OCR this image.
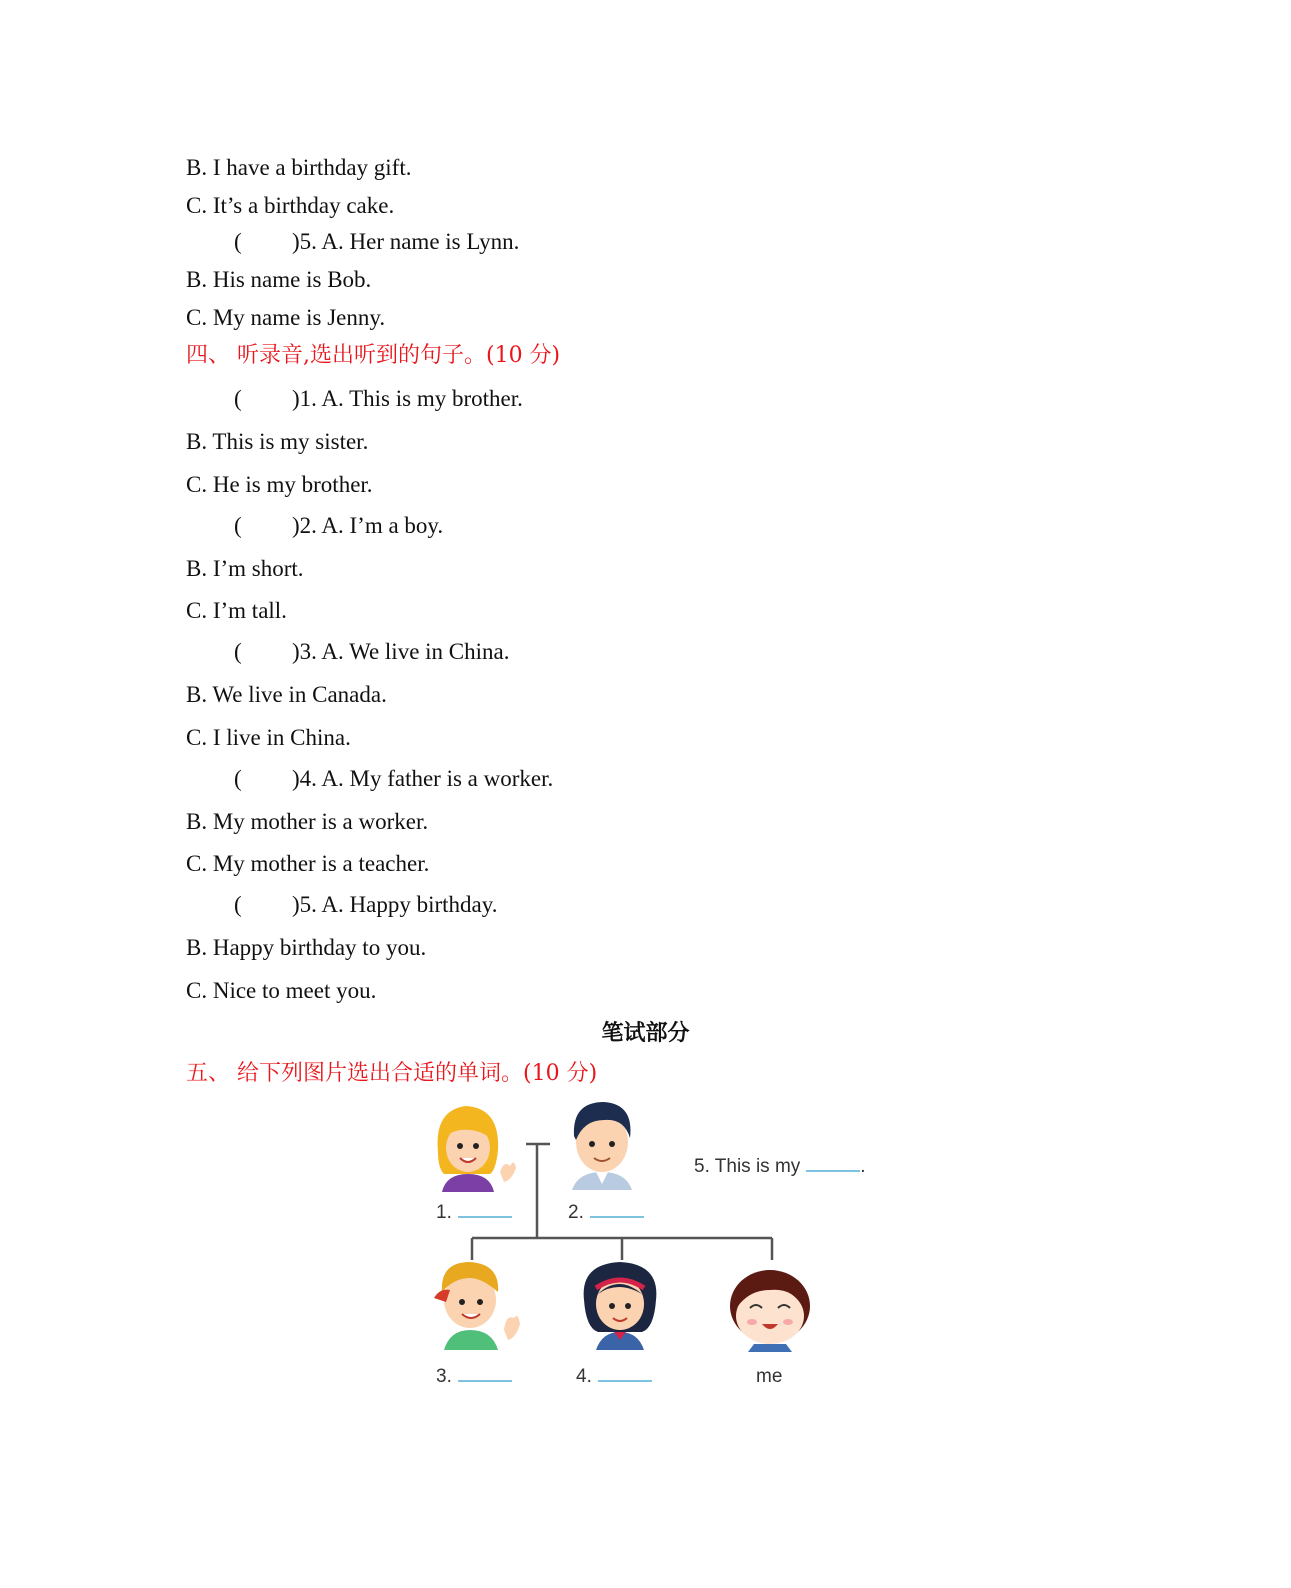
B. I have a birthday gift.
C. It’s a birthday cake.
( )5. A. Her name is Lynn.
B. His name is Bob.
C. My name is Jenny.
四、 听录音,选出听到的句子。(10 分)
( )1. A. This is my brother.
B. This is my sister.
C. He is my brother.
( )2. A. I’m a boy.
B. I’m short.
C. I’m tall.
( )3. A. We live in China.
B. We live in Canada.
C. I live in China.
( )4. A. My father is a worker.
B. My mother is a worker.
C. My mother is a teacher.
( )5. A. Happy birthday.
B. Happy birthday to you.
C. Nice to meet you.
笔试部分
五、 给下列图片选出合适的单词。(10 分)
1.	2.
5. This is my	.
3.	4.	me
